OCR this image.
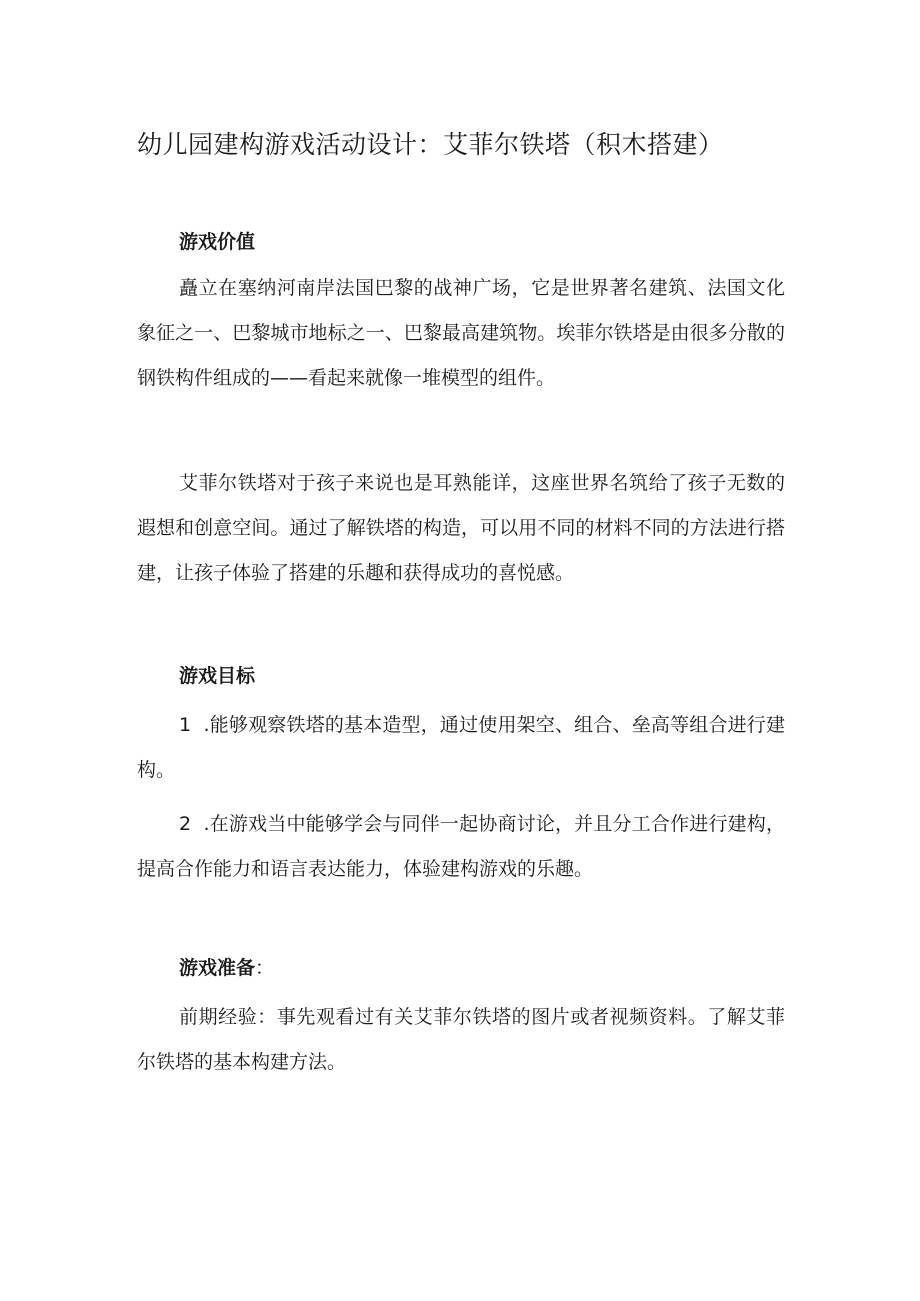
幼儿园建构游戏活动设计：艾菲尔铁塔（积木搭建）
游戏价值

矗立在塞纳河南岸法国巴黎的战神广场，它是世界著名建筑、法国文化象征之一、巴黎城市地标之一、巴黎最高建筑物。埃菲尔铁塔是由很多分散的钢铁构件组成的——看起来就像一堆模型的组件。

艾菲尔铁塔对于孩子来说也是耳熟能详，这座世界名筑给了孩子无数的遐想和创意空间。通过了解铁塔的构造，可以用不同的材料不同的方法进行搭建，让孩子体验了搭建的乐趣和获得成功的喜悦感。

游戏目标

1  .能够观察铁塔的基本造型，通过使用架空、组合、垒高等组合进行建构。

2  .在游戏当中能够学会与同伴一起协商讨论，并且分工合作进行建构，提高合作能力和语言表达能力，体验建构游戏的乐趣。

游戏准备：

前期经验：事先观看过有关艾菲尔铁塔的图片或者视频资料。了解艾菲尔铁塔的基本构建方法。
